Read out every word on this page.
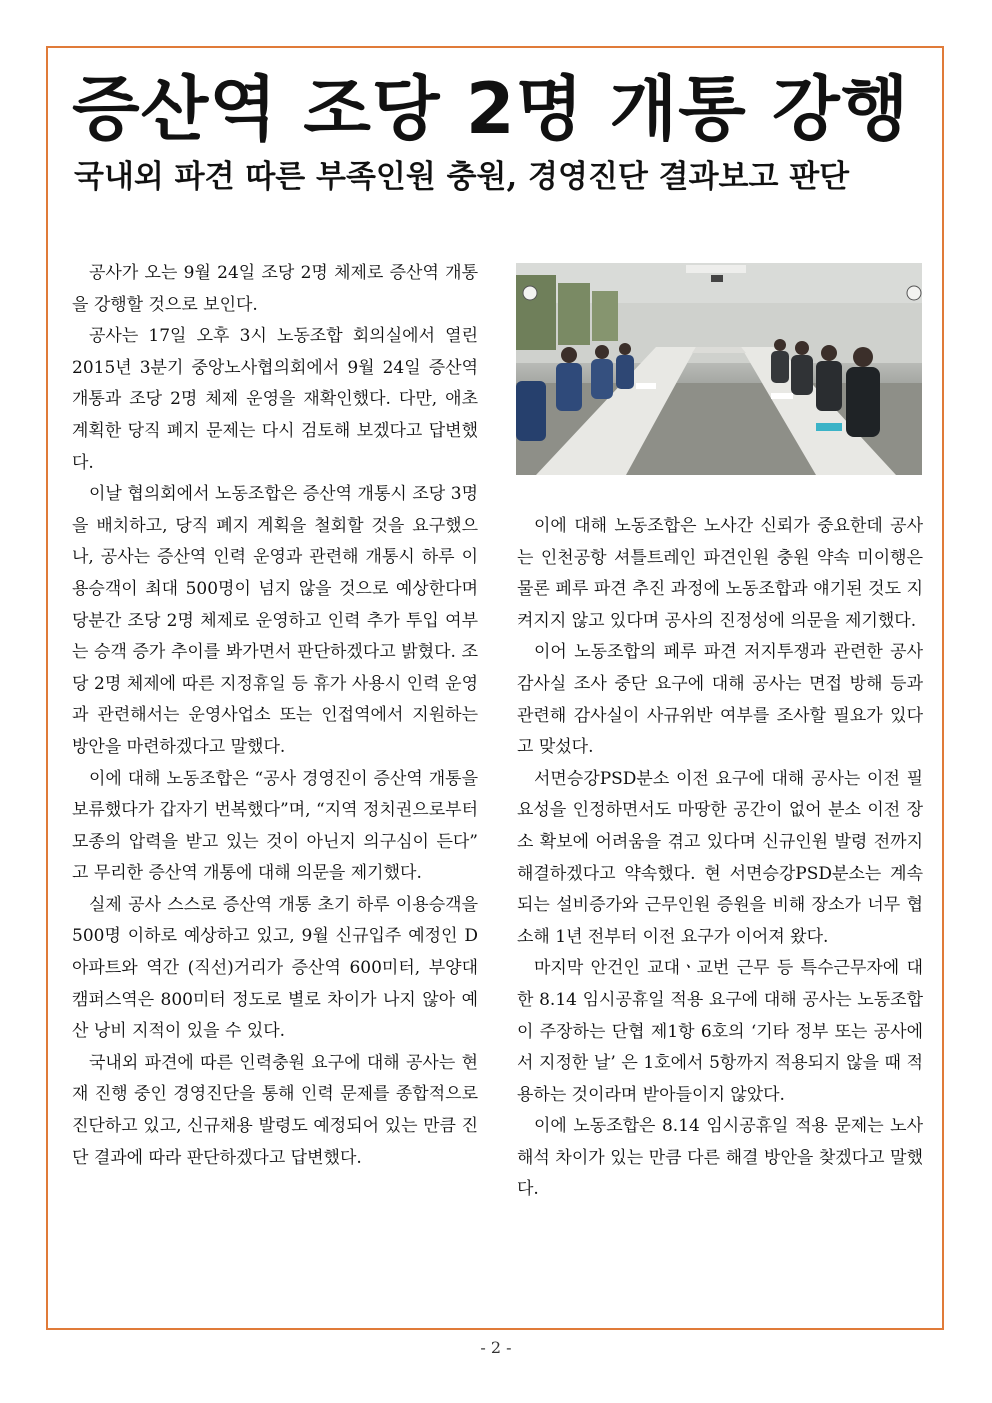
증산역 조당 2명 개통 강행
국내외 파견 따른 부족인원 충원, 경영진단 결과보고 판단

공사가 오는 9월 24일 조당 2명 체제로 증산역 개통을 강행할 것으로 보인다.

공사는 17일 오후 3시 노동조합 회의실에서 열린 2015년 3분기 중앙노사협의회에서 9월 24일 증산역 개통과 조당 2명 체제 운영을 재확인했다. 다만, 애초 계획한 당직 폐지 문제는 다시 검토해 보겠다고 답변했다.

이날 협의회에서 노동조합은 증산역 개통시 조당 3명을 배치하고, 당직 폐지 계획을 철회할 것을 요구했으나, 공사는 증산역 인력 운영과 관련해 개통시 하루 이용승객이 최대 500명이 넘지 않을 것으로 예상한다며 당분간 조당 2명 체제로 운영하고 인력 추가 투입 여부는 승객 증가 추이를 봐가면서 판단하겠다고 밝혔다. 조당 2명 체제에 따른 지정휴일 등 휴가 사용시 인력 운영과 관련해서는 운영사업소 또는 인접역에서 지원하는 방안을 마련하겠다고 말했다.

이에 대해 노동조합은 “공사 경영진이 증산역 개통을 보류했다가 갑자기 번복했다”며, “지역 정치권으로부터 모종의 압력을 받고 있는 것이 아닌지 의구심이 든다” 고 무리한 증산역 개통에 대해 의문을 제기했다.

실제 공사 스스로 증산역 개통 초기 하루 이용승객을 500명 이하로 예상하고 있고, 9월 신규입주 예정인 D아파트와 역간 (직선)거리가 증산역 600미터, 부양대캠퍼스역은 800미터 정도로 별로 차이가 나지 않아 예산 낭비 지적이 있을 수 있다.

국내외 파견에 따른 인력충원 요구에 대해 공사는 현재 진행 중인 경영진단을 통해 인력 문제를 종합적으로 진단하고 있고, 신규채용 발령도 예정되어 있는 만큼 진단 결과에 따라 판단하겠다고 답변했다.

이에 대해 노동조합은 노사간 신뢰가 중요한데 공사는 인천공항 셔틀트레인 파견인원 충원 약속 미이행은 물론 페루 파견 추진 과정에 노동조합과 얘기된 것도 지켜지지 않고 있다며 공사의 진정성에 의문을 제기했다.

이어 노동조합의 페루 파견 저지투쟁과 관련한 공사 감사실 조사 중단 요구에 대해 공사는 면접 방해 등과 관련해 감사실이 사규위반 여부를 조사할 필요가 있다고 맞섰다.

서면승강PSD분소 이전 요구에 대해 공사는 이전 필요성을 인정하면서도 마땅한 공간이 없어 분소 이전 장소 확보에 어려움을 겪고 있다며 신규인원 발령 전까지 해결하겠다고 약속했다. 현 서면승강PSD분소는 계속되는 설비증가와 근무인원 증원을 비해 장소가 너무 협소해 1년 전부터 이전 요구가 이어져 왔다.

마지막 안건인 교대ㆍ교번 근무 등 특수근무자에 대한 8.14 임시공휴일 적용 요구에 대해 공사는 노동조합이 주장하는 단협 제1항 6호의 ‘기타 정부 또는 공사에서 지정한 날’ 은 1호에서 5항까지 적용되지 않을 때 적용하는 것이라며 받아들이지 않았다.

이에 노동조합은 8.14 임시공휴일 적용 문제는 노사 해석 차이가 있는 만큼 다른 해결 방안을 찾겠다고 말했다.

- 2 -
